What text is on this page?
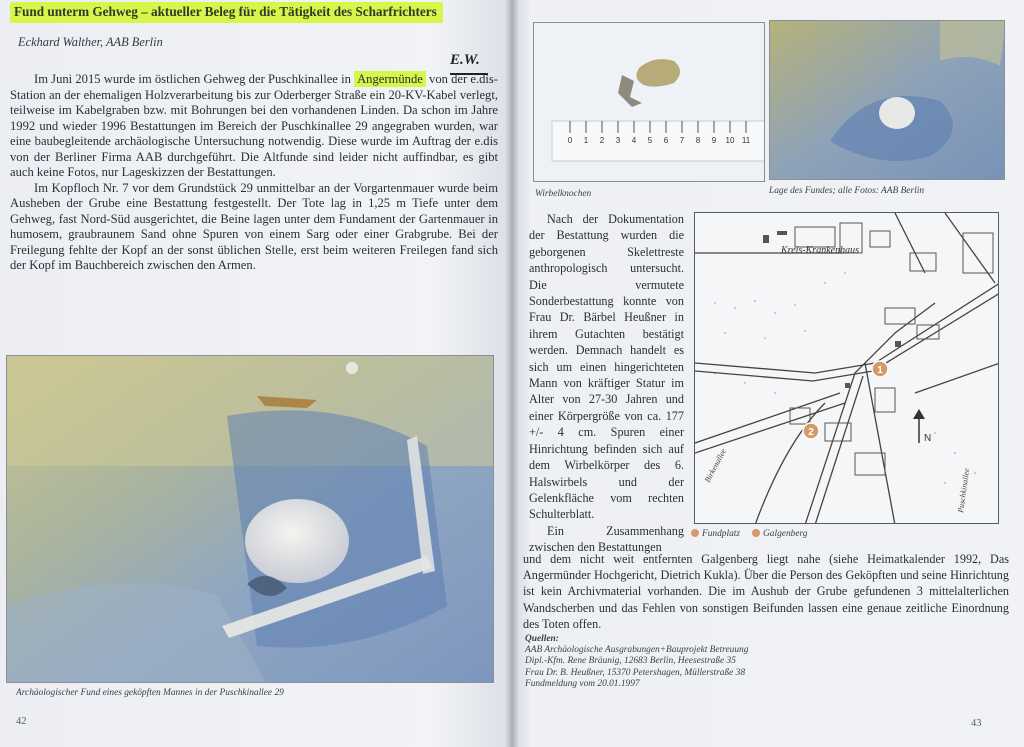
Fund unterm Gehweg – aktueller Beleg für die Tätigkeit des Scharfrichters
Eckhard Walther, AAB Berlin
E.W.

Im Juni 2015 wurde im östlichen Gehweg der Puschkinallee in Angermünde von der e.dis-Station an der ehemaligen Holzverarbeitung bis zur Oderberger Straße ein 20-KV-Kabel verlegt, teilweise im Kabelgraben bzw. mit Bohrungen bei den vorhandenen Linden. Da schon im Jahre 1992 und wieder 1996 Bestattungen im Bereich der Puschkinallee 29 angegraben wurden, war eine baubegleitende archäologische Untersuchung notwendig. Diese wurde im Auftrag der e.dis von der Berliner Firma AAB durchgeführt. Die Altfunde sind leider nicht auffindbar, es gibt auch keine Fotos, nur Lageskizzen der Bestattungen.

Im Kopfloch Nr. 7 vor dem Grundstück 29 unmittelbar an der Vorgartenmauer wurde beim Ausheben der Grube eine Bestattung festgestellt. Der Tote lag in 1,25 m Tiefe unter dem Gehweg, fast Nord-Süd ausgerichtet, die Beine lagen unter dem Fundament der Gartenmauer in humosem, graubraunem Sand ohne Spuren von einem Sarg oder einer Grabgrube. Bei der Freilegung fehlte der Kopf an der sonst üblichen Stelle, erst beim weiteren Freilegen fand sich der Kopf im Bauchbereich zwischen den Armen.

Archäologischer Fund eines geköpften Mannes in der Puschkinallee 29
42
0 1 2 3 4 5 6 7 8 9 10 11
Wirbelknochen	Lage des Fundes; alle Fotos: AAB Berlin

Nach der Dokumentation der Bestattung wurden die geborgenen Skelettreste anthropologisch untersucht. Die vermutete Sonderbestattung konnte von Frau Dr. Bärbel Heußner in ihrem Gutachten bestätigt werden. Demnach handelt es sich um einen hingerichteten Mann von kräftiger Statur im Alter von 27-30 Jahren und einer Körpergröße von ca. 177 +/- 4 cm. Spuren einer Hinrichtung befinden sich auf dem Wirbelkörper des 6. Halswirbels und der Gelenkfläche vom rechten Schulterblatt.

Ein Zusammenhang zwischen den Bestattungen

Kreis-Krankenhaus
Birkenallee
Puschkinallee
1
2
N
Fundplatz	Galgenberg
und dem nicht weit entfernten Galgenberg liegt nahe (siehe Heimatkalender 1992, Das Angermünder Hochgericht, Dietrich Kukla). Über die Person des Geköpften und seine Hinrichtung ist kein Archivmaterial vorhanden. Die im Aushub der Grube gefundenen 3 mittelalterlichen Wandscherben und das Fehlen von sonstigen Beifunden lassen eine genaue zeitliche Einordnung des Toten offen.
Quellen:
AAB Archäologische Ausgrabungen+Bauprojekt Betreuung
Dipl.-Kfm. Rene Bräunig, 12683 Berlin, Heesestraße 35
Frau Dr. B. Heußner, 15370 Petershagen, Müllerstraße 38
Fundmeldung vom 20.01.1997
43
